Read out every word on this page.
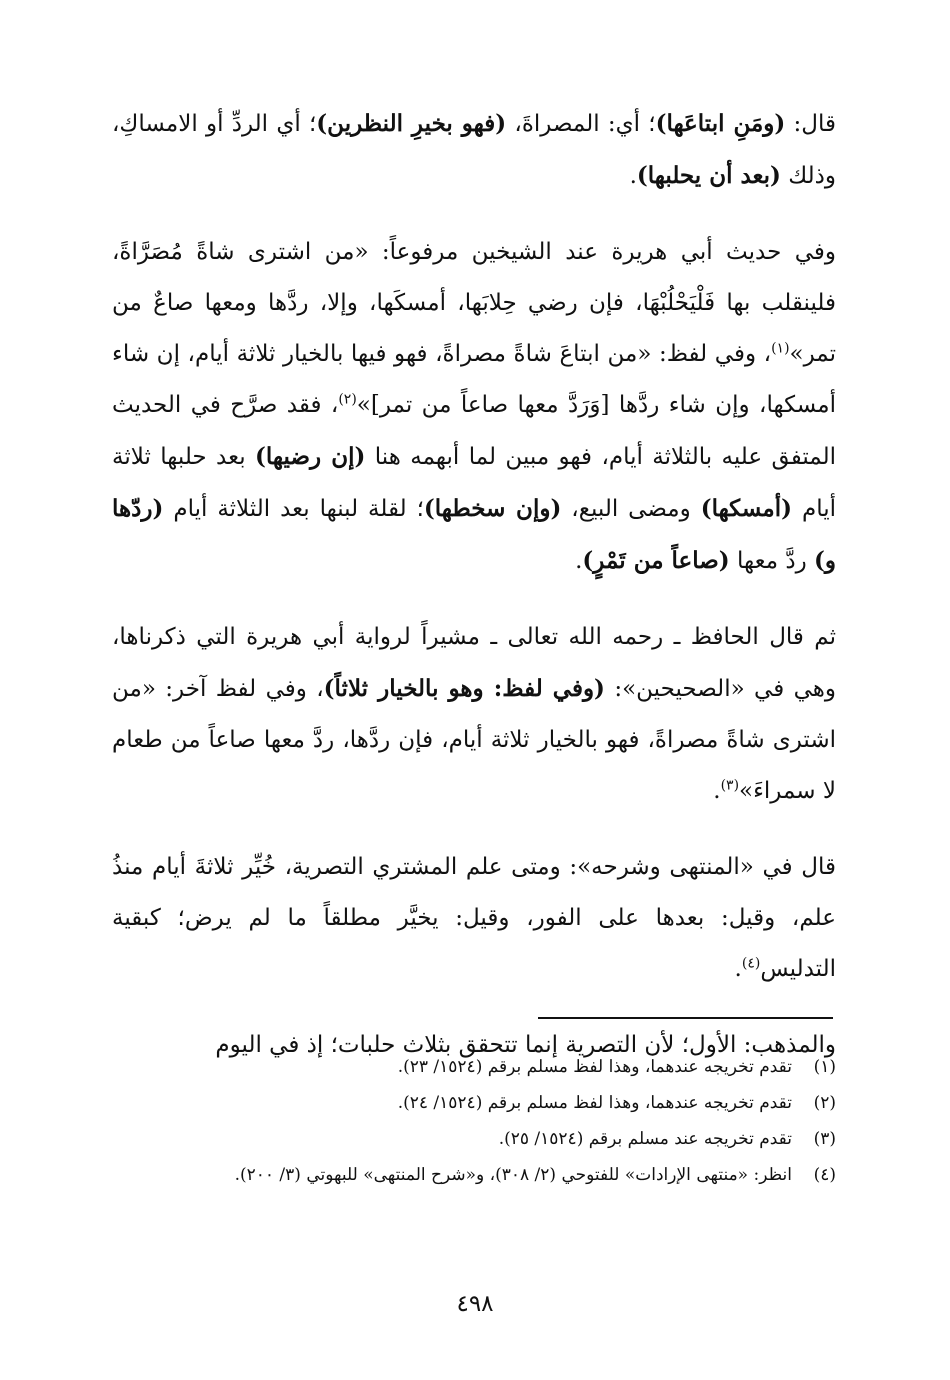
قال: (ومَنِ ابتاعَها)؛ أي: المصراةَ، (فهو بخيرِ النظرين)؛ أي الردِّ أو الامساكِ، وذلك (بعد أن يحلبها).

وفي حديث أبي هريرة عند الشيخين مرفوعاً: «من اشترى شاةً مُصَرَّاةً، فلينقلب بها فَلْيَحْلُبْهَا، فإن رضي حِلابَها، أمسكَها، وإلا، ردَّها ومعها صاعٌ من تمر»$^{(١)}$، وفي لفظ: «من ابتاعَ شاةً مصراةً، فهو فيها بالخيار ثلاثة أيام، إن شاء أمسكها، وإن شاء ردَّها [وَرَدَّ معها صاعاً من تمر]»$^{(٢)}$، فقد صرَّح في الحديث المتفق عليه بالثلاثة أيام، فهو مبين لما أبهمه هنا (إن رضيها) بعد حلبها ثلاثة أيام (أمسكها) ومضى البيع، (وإن سخطها)؛ لقلة لبنها بعد الثلاثة أيام (ردّها و) ردَّ معها (صاعاً من تَمْرٍ).

ثم قال الحافظ ـ رحمه الله تعالى ـ مشيراً لرواية أبي هريرة التي ذكرناها، وهي في «الصحيحين»: (وفي لفظ: وهو بالخيار ثلاثاً)، وفي لفظ آخر: «من اشترى شاةً مصراةً، فهو بالخيار ثلاثة أيام، فإن ردَّها، ردَّ معها صاعاً من طعام لا سمراءَ»$^{(٣)}$.

قال في «المنتهى وشرحه»: ومتى علم المشتري التصرية، خُيِّر ثلاثةَ أيام منذُ علم، وقيل: بعدها على الفور، وقيل: يخيَّر مطلقاً ما لم يرض؛ كبقية التدليس$^{(٤)}$.

والمذهب: الأول؛ لأن التصرية إنما تتحقق بثلاث حلبات؛ إذ في اليوم

(١)
تقدم تخريجه عندهما، وهذا لفظ مسلم برقم (١٥٢٤/ ٢٣).
(٢)
تقدم تخريجه عندهما، وهذا لفظ مسلم برقم (١٥٢٤/ ٢٤).
(٣)
تقدم تخريجه عند مسلم برقم (١٥٢٤/ ٢٥).
(٤)
انظر: «منتهى الإرادات» للفتوحي (٢/ ٣٠٨)، و«شرح المنتهى» للبهوتي (٣/ ٢٠٠).
٤٩٨
